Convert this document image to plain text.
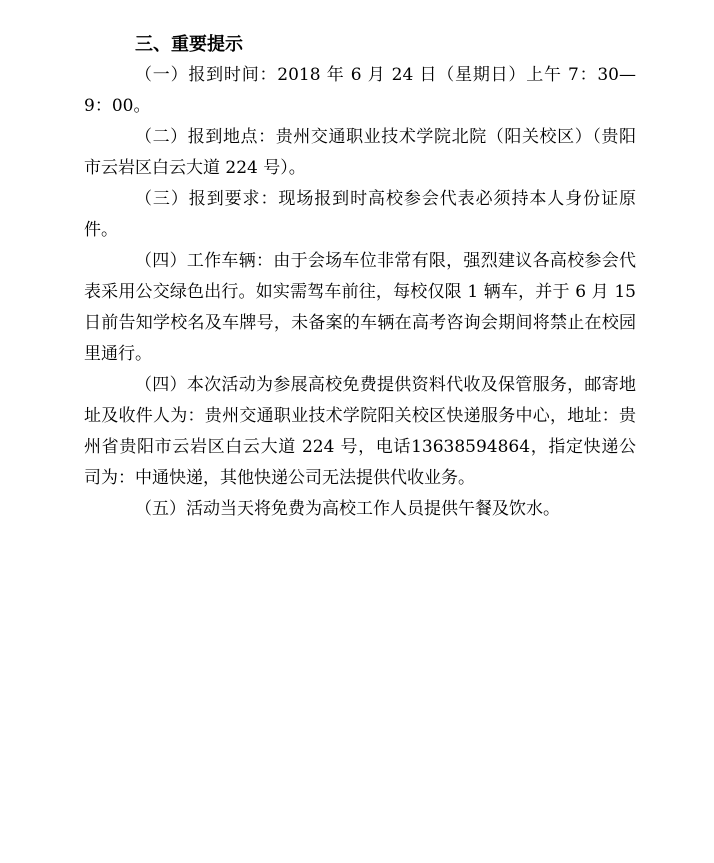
三、重要提示

（一）报到时间：2018 年 6 月 24 日（星期日）上午 7：30—9：00。

（二）报到地点：贵州交通职业技术学院北院（阳关校区）（贵阳市云岩区白云大道 224 号）。

（三）报到要求：现场报到时高校参会代表必须持本人身份证原件。

（四）工作车辆：由于会场车位非常有限，强烈建议各高校参会代表采用公交绿色出行。如实需驾车前往，每校仅限 1 辆车，并于 6 月 15 日前告知学校名及车牌号，未备案的车辆在高考咨询会期间将禁止在校园里通行。

（四）本次活动为参展高校免费提供资料代收及保管服务，邮寄地址及收件人为：贵州交通职业技术学院阳关校区快递服务中心，地址：贵州省贵阳市云岩区白云大道 224 号，电话13638594864，指定快递公司为：中通快递，其他快递公司无法提供代收业务。

（五）活动当天将免费为高校工作人员提供午餐及饮水。
